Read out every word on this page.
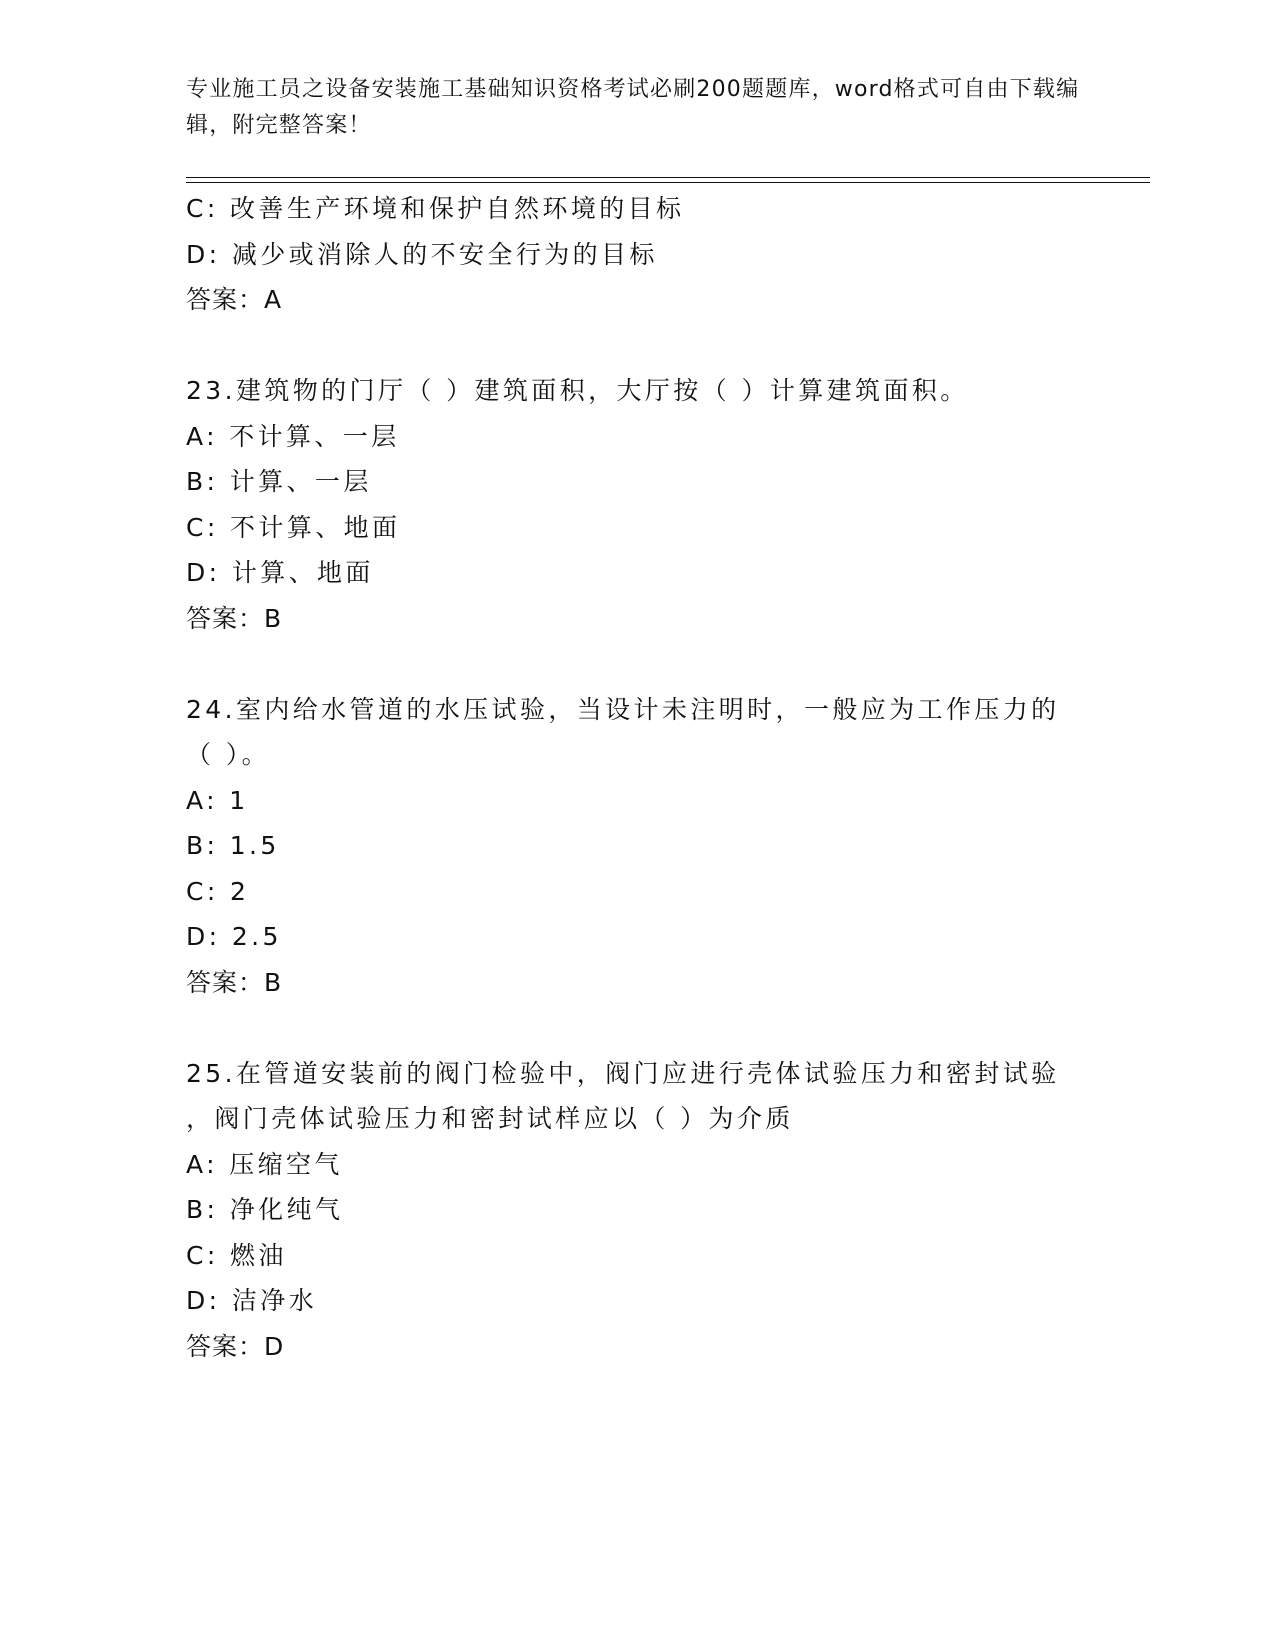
专业施工员之设备安装施工基础知识资格考试必刷200题题库，word格式可自由下载编辑，附完整答案！
C: 改善生产环境和保护自然环境的目标
D: 减少或消除人的不安全行为的目标
答案：A
23.建筑物的门厅（ ）建筑面积，大厅按（ ）计算建筑面积。
A: 不计算、一层
B: 计算、一层
C: 不计算、地面
D: 计算、地面
答案：B
24.室内给水管道的水压试验，当设计未注明时，一般应为工作压力的
（ ）。
A: 1
B: 1.5
C: 2
D: 2.5
答案：B
25.在管道安装前的阀门检验中，阀门应进行壳体试验压力和密封试验
，阀门壳体试验压力和密封试样应以（ ）为介质
A: 压缩空气
B: 净化纯气
C: 燃油
D: 洁净水
答案：D
